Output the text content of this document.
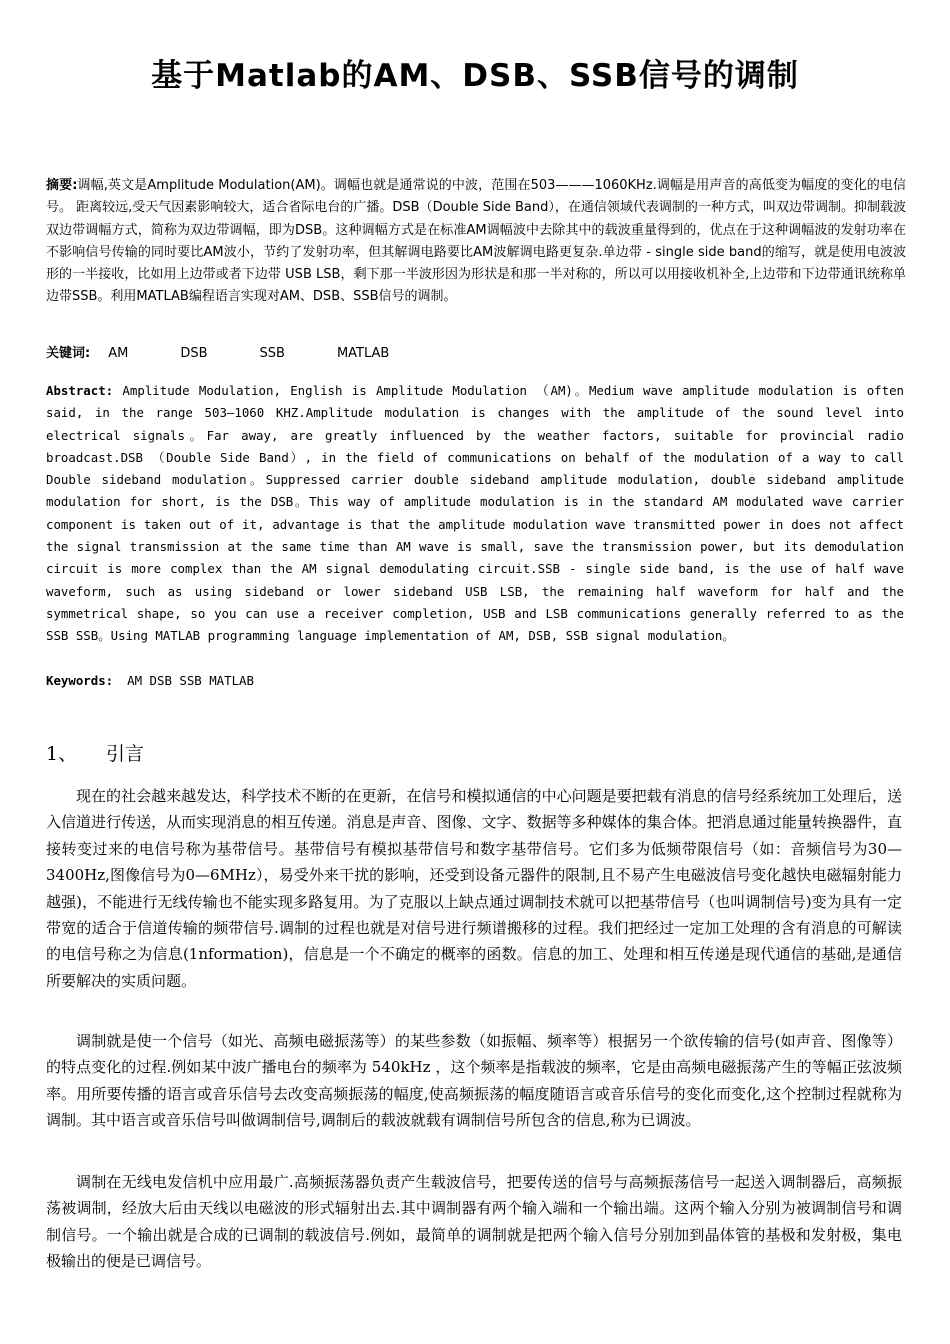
基于Matlab的AM、DSB、SSB信号的调制
摘要:调幅,英文是Amplitude Modulation(AM)。调幅也就是通常说的中波，范围在503———1060KHz.调幅是用声音的高低变为幅度的变化的电信号。 距离较远,受天气因素影响较大，适合省际电台的广播。DSB（Double Side Band），在通信领域代表调制的一种方式，叫双边带调制。抑制载波双边带调幅方式，简称为双边带调幅，即为DSB。这种调幅方式是在标准AM调幅波中去除其中的载波重量得到的，优点在于这种调幅波的发射功率在不影响信号传输的同时要比AM波小，节约了发射功率，但其解调电路要比AM波解调电路更复杂.单边带 - single side band的缩写，就是使用电波波形的一半接收，比如用上边带或者下边带 USB LSB，剩下那一半波形因为形状是和那一半对称的，所以可以用接收机补全,上边带和下边带通讯统称单边带SSB。利用MATLAB编程语言实现对AM、DSB、SSB信号的调制。
关键词: AM	DSB	SSB	MATLAB
Abstract: Amplitude Modulation, English is Amplitude Modulation （AM)。Medium wave amplitude modulation is often said, in the range 503—1060 KHZ.Amplitude modulation is changes with the amplitude of the sound level into electrical signals。Far away, are greatly influenced by the weather factors, suitable for provincial radio broadcast.DSB （Double Side Band）, in the field of communications on behalf of the modulation of a way to call Double sideband modulation。Suppressed carrier double sideband amplitude modulation, double sideband amplitude modulation for short, is the DSB。This way of amplitude modulation is in the standard AM modulated wave carrier component is taken out of it, advantage is that the amplitude modulation wave transmitted power in does not affect the signal transmission at the same time than AM wave is small, save the transmission power, but its demodulation circuit is more complex than the AM signal demodulating circuit.SSB - single side band, is the use of half wave waveform, such as using sideband or lower sideband USB LSB, the remaining half waveform for half and the symmetrical shape, so you can use a receiver completion, USB and LSB communications generally referred to as the SSB SSB。Using MATLAB programming language implementation of AM, DSB, SSB signal modulation。
Keywords: AM DSB SSB MATLAB
1、 引言

现在的社会越来越发达，科学技术不断的在更新，在信号和模拟通信的中心问题是要把载有消息的信号经系统加工处理后，送入信道进行传送，从而实现消息的相互传递。消息是声音、图像、文字、数据等多种媒体的集合体。把消息通过能量转换器件，直接转变过来的电信号称为基带信号。基带信号有模拟基带信号和数字基带信号。它们多为低频带限信号（如：音频信号为30—3400Hz,图像信号为0—6MHz），易受外来干扰的影响，还受到设备元器件的限制,且不易产生电磁波信号变化越快电磁辐射能力越强)，不能进行无线传输也不能实现多路复用。为了克服以上缺点通过调制技术就可以把基带信号（也叫调制信号)变为具有一定带宽的适合于信道传输的频带信号.调制的过程也就是对信号进行频谱搬移的过程。我们把经过一定加工处理的含有消息的可解读的电信号称之为信息(1nformation)，信息是一个不确定的概率的函数。信息的加工、处理和相互传递是现代通信的基础,是通信所要解决的实质问题。

调制就是使一个信号（如光、高频电磁振荡等）的某些参数（如振幅、频率等）根据另一个欲传输的信号(如声音、图像等）的特点变化的过程.例如某中波广播电台的频率为 540kHz ，这个频率是指载波的频率，它是由高频电磁振荡产生的等幅正弦波频率。用所要传播的语言或音乐信号去改变高频振荡的幅度,使高频振荡的幅度随语言或音乐信号的变化而变化,这个控制过程就称为调制。其中语言或音乐信号叫做调制信号,调制后的载波就载有调制信号所包含的信息,称为已调波。

调制在无线电发信机中应用最广.高频振荡器负责产生载波信号，把要传送的信号与高频振荡信号一起送入调制器后，高频振荡被调制，经放大后由天线以电磁波的形式辐射出去.其中调制器有两个输入端和一个输出端。这两个输入分别为被调制信号和调制信号。一个输出就是合成的已调制的载波信号.例如，最简单的调制就是把两个输入信号分别加到晶体管的基极和发射极，集电极输出的便是已调信号。
